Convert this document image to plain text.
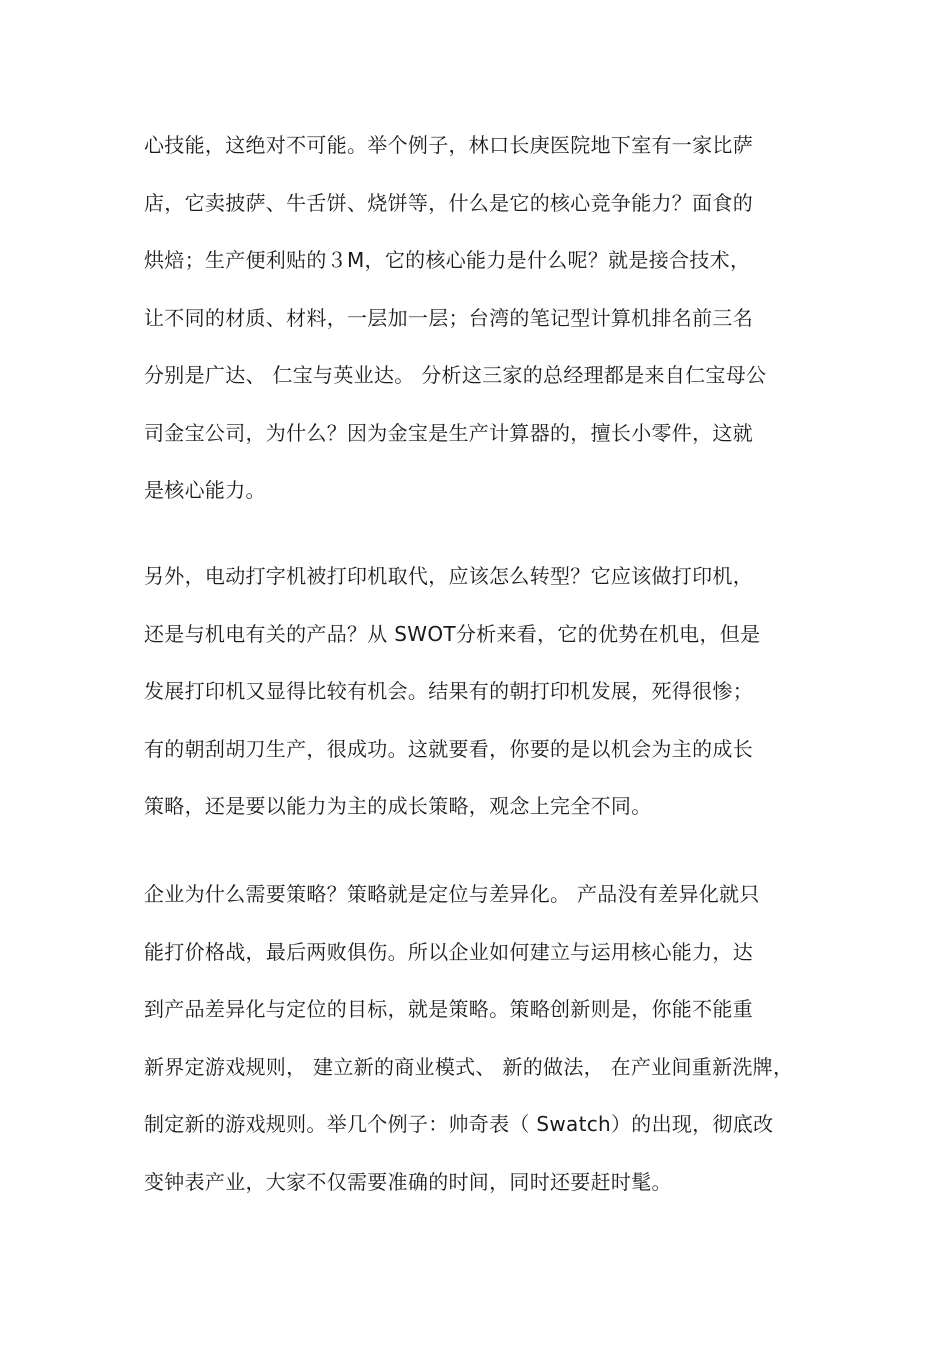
心技能，这绝对不可能。举个例子，林口长庚医院地下室有一家比萨
店，它卖披萨、牛舌饼、烧饼等，什么是它的核心竞争能力？面食的
烘焙；生产便利贴的３M，它的核心能力是什么呢？就是接合技术，
让不同的材质、材料，一层加一层；台湾的笔记型计算机排名前三名
分别是广达、 仁宝与英业达。 分析这三家的总经理都是来自仁宝母公
司金宝公司，为什么？因为金宝是生产计算器的，擅长小零件，这就
是核心能力。
另外，电动打字机被打印机取代，应该怎么转型？它应该做打印机，
还是与机电有关的产品？从 SWOT分析来看，它的优势在机电，但是
发展打印机又显得比较有机会。结果有的朝打印机发展，死得很惨；
有的朝刮胡刀生产，很成功。这就要看，你要的是以机会为主的成长
策略，还是要以能力为主的成长策略，观念上完全不同。
企业为什么需要策略？策略就是定位与差异化。 产品没有差异化就只
能打价格战，最后两败俱伤。所以企业如何建立与运用核心能力，达
到产品差异化与定位的目标，就是策略。策略创新则是，你能不能重
新界定游戏规则， 建立新的商业模式、 新的做法， 在产业间重新洗牌，
制定新的游戏规则。举几个例子：帅奇表（ Swatch）的出现，彻底改
变钟表产业，大家不仅需要准确的时间，同时还要赶时髦。
